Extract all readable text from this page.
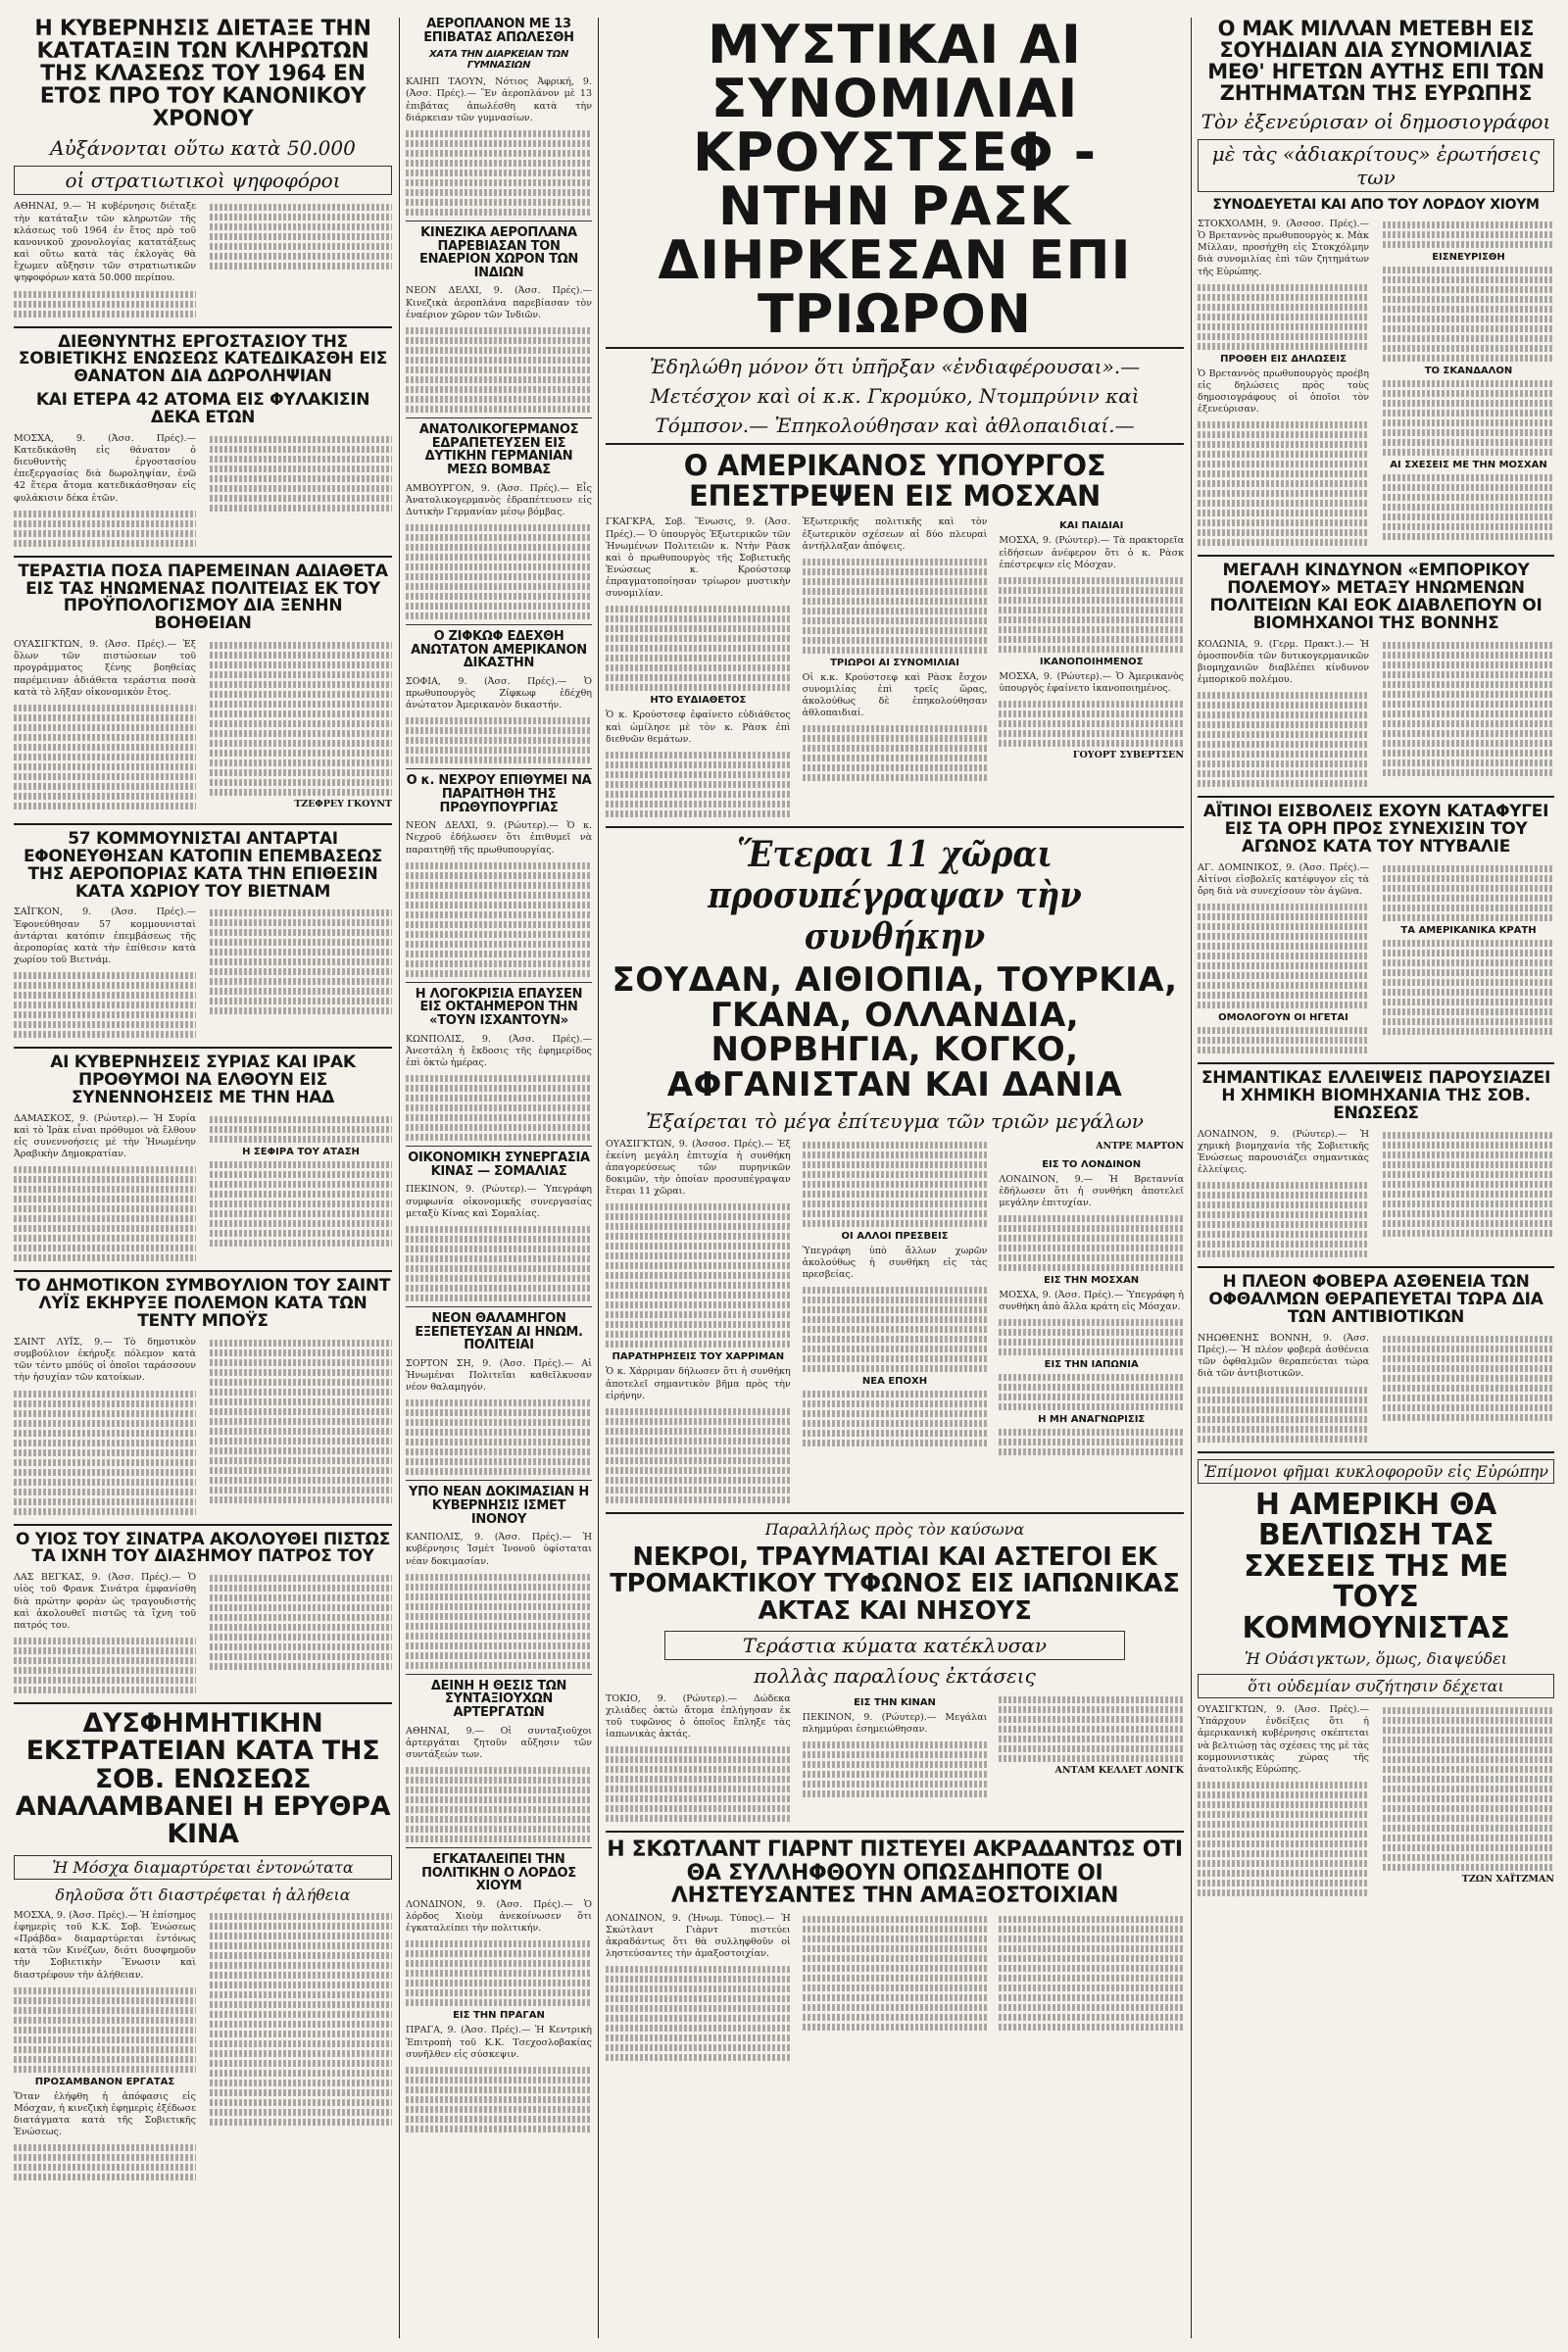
Η ΚΥΒΕΡΝΗΣΙΣ ΔΙΕΤΑΞΕ ΤΗΝ ΚΑΤΑΤΑΞΙΝ ΤΩΝ ΚΛΗΡΩΤΩΝ ΤΗΣ ΚΛΑΣΕΩΣ ΤΟΥ 1964 ΕΝ ΕΤΟΣ ΠΡΟ ΤΟΥ ΚΑΝΟΝΙΚΟΥ ΧΡΟΝΟΥ
Αὐξάνονται οὕτω κατὰ 50.000
οἱ στρατιωτικοὶ ψηφοφόροι

ΑΘΗΝΑΙ, 9.— Ἡ κυβέρνησις διέταξε τὴν κατάταξιν τῶν κληρωτῶν τῆς κλάσεως τοῦ 1964 ἐν ἔτος πρὸ τοῦ κανονικοῦ χρονολογίας κατατάξεως καὶ οὕτω κατὰ τὰς ἐκλογὰς θὰ ἔχωμεν αὔξησιν τῶν στρατιωτικῶν ψηφοφόρων κατὰ 50.000 περίπου.

ΔΙΕΘΝΥΝΤΗΣ ΕΡΓΟΣΤΑΣΙΟΥ ΤΗΣ ΣΟΒΙΕΤΙΚΗΣ ΕΝΩΣΕΩΣ ΚΑΤΕΔΙΚΑΣΘΗ ΕΙΣ ΘΑΝΑΤΟΝ ΔΙΑ ΔΩΡΟΛΗΨΙΑΝ
ΚΑΙ ΕΤΕΡΑ 42 ΑΤΟΜΑ ΕΙΣ ΦΥΛΑΚΙΣΙΝ ΔΕΚΑ ΕΤΩΝ

ΜΟΣΧΑ, 9. (Ἀσσ. Πρές).— Κατεδικάσθη εἰς θάνατον ὁ διευθυντὴς ἐργοστασίου ἐπεξεργασίας διὰ δωροληψίαν, ἐνῶ 42 ἕτερα ἄτομα κατεδικάσθησαν εἰς φυλάκισιν δέκα ἐτῶν.

ΤΕΡΑΣΤΙΑ ΠΟΣΑ ΠΑΡΕΜΕΙΝΑΝ ΑΔΙΑΘΕΤΑ ΕΙΣ ΤΑΣ ΗΝΩΜΕΝΑΣ ΠΟΛΙΤΕΙΑΣ ΕΚ ΤΟΥ ΠΡΟΫΠΟΛΟΓΙΣΜΟΥ ΔΙΑ ΞΕΝΗΝ ΒΟΗΘΕΙΑΝ

ΟΥΑΣΙΓΚΤΩΝ, 9. (Ἀσσ. Πρές).— Ἐξ ὅλων τῶν πιστώσεων τοῦ προγράμματος ξένης βοηθείας παρέμειναν ἀδιάθετα τεράστια ποσὰ κατὰ τὸ λῆξαν οἰκονομικὸν ἔτος.

ΤΖΕΦΡΕΥ ΓΚΟΥΝΤ
57 ΚΟΜΜΟΥΝΙΣΤΑΙ ΑΝΤΑΡΤΑΙ ΕΦΟΝΕΥΘΗΣΑΝ ΚΑΤΟΠΙΝ ΕΠΕΜΒΑΣΕΩΣ ΤΗΣ ΑΕΡΟΠΟΡΙΑΣ ΚΑΤΑ ΤΗΝ ΕΠΙΘΕΣΙΝ ΚΑΤΑ ΧΩΡΙΟΥ ΤΟΥ ΒΙΕΤΝΑΜ

ΣΑΪΓΚΟΝ, 9. (Ἀσσ. Πρές).— Ἐφονεύθησαν 57 κομμουνισταὶ ἀντάρται κατόπιν ἐπεμβάσεως τῆς ἀεροπορίας κατὰ τὴν ἐπίθεσιν κατὰ χωρίου τοῦ Βιετνάμ.

ΑΙ ΚΥΒΕΡΝΗΣΕΙΣ ΣΥΡΙΑΣ ΚΑΙ ΙΡΑΚ ΠΡΟΘΥΜΟΙ ΝΑ ΕΛΘΟΥΝ ΕΙΣ ΣΥΝΕΝΝΟΗΣΕΙΣ ΜΕ ΤΗΝ ΗΑΔ

ΔΑΜΑΣΚΟΣ, 9. (Ρώυτερ).— Ἡ Συρία καὶ τὸ Ἰρὰκ εἶναι πρόθυμοι νὰ ἔλθουν εἰς συνεννοήσεις μὲ τὴν Ἡνωμένην Ἀραβικὴν Δημοκρατίαν.	Η ΣΕΦΙΡΑ ΤΟΥ ΑΤΑΣΗ
ΤΟ ΔΗΜΟΤΙΚΟΝ ΣΥΜΒΟΥΛΙΟΝ ΤΟΥ ΣΑΙΝΤ ΛΥΪΣ ΕΚΗΡΥΞΕ ΠΟΛΕΜΟΝ ΚΑΤΑ ΤΩΝ ΤΕΝΤΥ ΜΠΟΫΣ

ΣΑΙΝΤ ΛΥΪΣ, 9.— Τὸ δημοτικὸν συμβούλιον ἐκήρυξε πόλεμον κατὰ τῶν τέντυ μπόϋς οἱ ὁποῖοι ταράσσουν τὴν ἡσυχίαν τῶν κατοίκων.

Ο ΥΙΟΣ ΤΟΥ ΣΙΝΑΤΡΑ ΑΚΟΛΟΥΘΕΙ ΠΙΣΤΩΣ ΤΑ ΙΧΝΗ ΤΟΥ ΔΙΑΣΗΜΟΥ ΠΑΤΡΟΣ ΤΟΥ

ΛΑΣ ΒΕΓΚΑΣ, 9. (Ἀσσ. Πρές).— Ὁ υἱὸς τοῦ Φρανκ Σινάτρα ἐμφανίσθη διὰ πρώτην φορὰν ὡς τραγουδιστὴς καὶ ἀκολουθεῖ πιστῶς τὰ ἴχνη τοῦ πατρός του.

ΔΥΣΦΗΜΗΤΙΚΗΝ ΕΚΣΤΡΑΤΕΙΑΝ ΚΑΤΑ ΤΗΣ ΣΟΒ. ΕΝΩΣΕΩΣ ΑΝΑΛΑΜΒΑΝΕΙ Η ΕΡΥΘΡΑ ΚΙΝΑ
Ἡ Μόσχα διαμαρτύρεται ἐντονώτατα
δηλοῦσα ὅτι διαστρέφεται ἡ ἀλήθεια

ΜΟΣΧΑ, 9. (Ἀσσ. Πρές).— Ἡ ἐπίσημος ἐφημερὶς τοῦ Κ.Κ. Σοβ. Ἐνώσεως «Πράβδα» διαμαρτύρεται ἐντόνως κατὰ τῶν Κινέζων, διότι δυσφημοῦν τὴν Σοβιετικὴν Ἕνωσιν καὶ διαστρέφουν τὴν ἀλήθειαν.

ΠΡΟΣΑΜΒΑΝΟΝ ΕΡΓΑΤΑΣ

Ὅταν ἐλήφθη ἡ ἀπόφασις εἰς Μόσχαν, ἡ κινεζικὴ ἐφημερὶς ἐξέδωσε διατάγματα κατὰ τῆς Σοβιετικῆς Ἑνώσεως.

ΑΕΡΟΠΛΑΝΟΝ ΜΕ 13 ΕΠΙΒΑΤΑΣ ΑΠΩΛΕΣΘΗ
ΧΑΤΑ ΤΗΝ ΔΙΑΡΚΕΙΑΝ ΤΩΝ ΓΥΜΝΑΣΙΩΝ

ΚΑΙΗΠ ΤΑΟΥΝ, Νότιος Ἀφρική, 9. (Ἀσσ. Πρές).— Ἓν ἀεροπλάνον μὲ 13 ἐπιβάτας ἀπωλέσθη κατὰ τὴν διάρκειαν τῶν γυμνασίων.

ΚΙΝΕΖΙΚΑ ΑΕΡΟΠΛΑΝΑ ΠΑΡΕΒΙΑΣΑΝ ΤΟΝ ΕΝΑΕΡΙΟΝ ΧΩΡΟΝ ΤΩΝ ΙΝΔΙΩΝ

ΝΕΟΝ ΔΕΛΧΙ, 9. (Ἀσσ. Πρές).— Κινεζικὰ ἀεροπλάνα παρεβίασαν τὸν ἐναέριον χῶρον τῶν Ἰνδιῶν.

ΑΝΑΤΟΛΙΚΟΓΕΡΜΑΝΟΣ ΕΔΡΑΠΕΤΕΥΣΕΝ ΕΙΣ ΔΥΤΙΚΗΝ ΓΕΡΜΑΝΙΑΝ ΜΕΣΩ ΒΟΜΒΑΣ

ΑΜΒΟΥΡΓΟΝ, 9. (Ἀσσ. Πρές).— Εἷς Ἀνατολικογερμανὸς ἐδραπέτευσεν εἰς Δυτικὴν Γερμανίαν μέσῳ βόμβας.

Ο ΖΙΦΚΩΦ ΕΔΕΧΘΗ ΑΝΩΤΑΤΟΝ ΑΜΕΡΙΚΑΝΟΝ ΔΙΚΑΣΤΗΝ

ΣΟΦΙΑ, 9. (Ἀσσ. Πρές).— Ὁ πρωθυπουργὸς Ζίφκωφ ἐδέχθη ἀνώτατον Ἀμερικανὸν δικαστήν.

Ο κ. ΝΕΧΡΟΥ ΕΠΙΘΥΜΕΙ ΝΑ ΠΑΡΑΙΤΗΘΗ ΤΗΣ ΠΡΩΘΥΠΟΥΡΓΙΑΣ

ΝΕΟΝ ΔΕΛΧΙ, 9. (Ρώυτερ).— Ὁ κ. Νεχροῦ ἐδήλωσεν ὅτι ἐπιθυμεῖ νὰ παραιτηθῇ τῆς πρωθυπουργίας.

Η ΛΟΓΟΚΡΙΣΙΑ ΕΠΑΥΣΕΝ ΕΙΣ ΟΚΤΑΗΜΕΡΟΝ ΤΗΝ «ΤΟΥΝ ΙΣΧΑΝΤΟΥΝ»

ΚΩΝΠΟΛΙΣ, 9. (Ἀσσ. Πρές).— Ἀνεστάλη ἡ ἔκδοσις τῆς ἐφημερίδος ἐπὶ ὀκτὼ ἡμέρας.

ΟΙΚΟΝΟΜΙΚΗ ΣΥΝΕΡΓΑΣΙΑ ΚΙΝΑΣ — ΣΟΜΑΛΙΑΣ

ΠΕΚΙΝΟΝ, 9. (Ρώυτερ).— Ὑπεγράφη συμφωνία οἰκονομικῆς συνεργασίας μεταξὺ Κίνας καὶ Σομαλίας.

ΝΕΟΝ ΘΑΛΑΜΗΓΟΝ ΕΞΕΠΕΤΕΥΣΑΝ ΑΙ ΗΝΩΜ. ΠΟΛΙΤΕΙΑΙ

ΣΟΡΤΟΝ ΣΗ, 9. (Ἀσσ. Πρές).— Αἱ Ἡνωμέναι Πολιτεῖαι καθεῖλκυσαν νέον θαλαμηγόν.

ΥΠΟ ΝΕΑΝ ΔΟΚΙΜΑΣΙΑΝ Η ΚΥΒΕΡΝΗΣΙΣ ΙΣΜΕΤ ΙΝΟΝΟΥ

ΚΑΝΠΟΛΙΣ, 9. (Ἀσσ. Πρές).— Ἡ κυβέρνησις Ἰσμὲτ Ἰνονοῦ ὑφίσταται νέαν δοκιμασίαν.

ΔΕΙΝΗ Η ΘΕΣΙΣ ΤΩΝ ΣΥΝΤΑΞΙΟΥΧΩΝ ΑΡΤΕΡΓΑΤΩΝ

ΑΘΗΝΑΙ, 9.— Οἱ συνταξιοῦχοι ἀρτεργάται ζητοῦν αὔξησιν τῶν συντάξεών των.

ΕΓΚΑΤΑΛΕΙΠΕΙ ΤΗΝ ΠΟΛΙΤΙΚΗΝ Ο ΛΟΡΔΟΣ ΧΙΟΥΜ

ΛΟΝΔΙΝΟΝ, 9. (Ἀσσ. Πρές).— Ὁ λόρδος Χιοὺμ ἀνεκοίνωσεν ὅτι ἐγκαταλείπει τὴν πολιτικήν.

ΕΙΣ ΤΗΝ ΠΡΑΓΑΝ

ΠΡΑΓΑ, 9. (Ἀσσ. Πρές).— Ἡ Κεντρικὴ Ἐπιτροπὴ τοῦ Κ.Κ. Τσεχοσλοβακίας συνῆλθεν εἰς σύσκεψιν.

ΜΥΣΤΙΚΑΙ ΑΙ ΣΥΝΟΜΙΛΙΑΙ ΚΡΟΥΣΤΣΕΦ - ΝΤΗΝ ΡΑΣΚ ΔΙΗΡΚΕΣΑΝ ΕΠΙ ΤΡΙΩΡΟΝ
Ἐδηλώθη μόνον ὅτι ὑπῆρξαν «ἐνδιαφέρουσαι».—
Μετέσχον καὶ οἱ κ.κ. Γκρομύκο, Ντομπρύνιν καὶ
Τόμπσον.— Ἐπηκολούθησαν καὶ ἀθλοπαιδιαί.—
Ο ΑΜΕΡΙΚΑΝΟΣ ΥΠΟΥΡΓΟΣ ΕΠΕΣΤΡΕΨΕΝ ΕΙΣ ΜΟΣΧΑΝ

ΓΚΑΓΚΡΑ, Σοβ. Ἕνωσις, 9. (Ἀσσ. Πρές).— Ὁ ὑπουργὸς Ἐξωτερικῶν τῶν Ἡνωμένων Πολιτειῶν κ. Ντὴν Ρὰσκ καὶ ὁ πρωθυπουργὸς τῆς Σοβιετικῆς Ἑνώσεως κ. Κρούστσεφ ἐπραγματοποίησαν τρίωρον μυστικὴν συνομιλίαν.

ΗΤΟ ΕΥΔΙΑΘΕΤΟΣ

Ὁ κ. Κρούστσεφ ἐφαίνετο εὐδιάθετος καὶ ὡμίλησε μὲ τὸν κ. Ρὰσκ ἐπὶ διεθνῶν θεμάτων.

Ἐξωτερικῆς πολιτικῆς καὶ τὸν ἐξωτερικὸν σχέσεων αἱ δύο πλευραὶ ἀντήλλαξαν ἀπόψεις.

ΤΡΙΩΡΟΙ ΑΙ ΣΥΝΟΜΙΛΙΑΙ

Οἱ κ.κ. Κρούστσεφ καὶ Ρὰσκ ἔσχον συνομιλίας ἐπὶ τρεῖς ὥρας, ἀκολούθως δὲ ἐπηκολούθησαν ἀθλοπαιδιαί.

ΚΑΙ ΠΑΙΔΙΑΙ

ΜΟΣΧΑ, 9. (Ρώυτερ).— Τὰ πρακτορεῖα εἰδήσεων ἀνέφερον ὅτι ὁ κ. Ρὰσκ ἐπέστρεψεν εἰς Μόσχαν.

ΙΚΑΝΟΠΟΙΗΜΕΝΟΣ

ΜΟΣΧΑ, 9. (Ρώυτερ).— Ὁ Ἀμερικανὸς ὑπουργὸς ἐφαίνετο ἱκανοποιημένος.

ΓΟΥΟΡΤ ΣΥΒΕΡΤΣΕΝ
Ἕτεραι 11 χῶραι προσυπέγραψαν τὴν συνθήκην
ΣΟΥΔΑΝ, ΑΙΘΙΟΠΙΑ, ΤΟΥΡΚΙΑ, ΓΚΑΝΑ, ΟΛΛΑΝΔΙΑ, ΝΟΡΒΗΓΙΑ, ΚΟΓΚΟ, ΑΦΓΑΝΙΣΤΑΝ ΚΑΙ ΔΑΝΙΑ
Ἐξαίρεται τὸ μέγα ἐπίτευγμα τῶν τριῶν μεγάλων

ΟΥΑΣΙΓΚΤΩΝ, 9. (Ἀσσοσ. Πρές).— Ἐξ ἐκείνη μεγάλη ἐπιτυχία ἡ συνθήκη ἀπαγορεύσεως τῶν πυρηνικῶν δοκιμῶν, τὴν ὁποίαν προσυπέγραψαν ἕτεραι 11 χῶραι.

ΠΑΡΑΤΗΡΗΣΕΙΣ ΤΟΥ ΧΑΡΡΙΜΑΝ

Ὁ κ. Χάρριμαν δήλωσεν ὅτι ἡ συνθήκη ἀποτελεῖ σημαντικὸν βῆμα πρὸς τὴν εἰρήνην.

ΟΙ ΑΛΛΟΙ ΠΡΕΣΒΕΙΣ

Ὑπεγράφη ὑπὸ ἄλλων χωρῶν ἀκολούθως ἡ συνθήκη εἰς τὰς πρεσβείας.

ΝΕΑ ΕΠΟΧΗ
ΑΝΤΡΕ ΜΑΡΤΟΝ
ΕΙΣ ΤΟ ΛΟΝΔΙΝΟΝ

ΛΟΝΔΙΝΟΝ, 9.— Ἡ Βρεταννία ἐδήλωσεν ὅτι ἡ συνθήκη ἀποτελεῖ μεγάλην ἐπιτυχίαν.

ΕΙΣ ΤΗΝ ΜΟΣΧΑΝ

ΜΟΣΧΑ, 9. (Ἀσσ. Πρές).— Ὑπεγράφη ἡ συνθήκη ἀπὸ ἄλλα κράτη εἰς Μόσχαν.

ΕΙΣ ΤΗΝ ΙΑΠΩΝΙΑ
Η ΜΗ ΑΝΑΓΝΩΡΙΣΙΣ
Παραλλήλως πρὸς τὸν καύσωνα
ΝΕΚΡΟΙ, ΤΡΑΥΜΑΤΙΑΙ ΚΑΙ ΑΣΤΕΓΟΙ ΕΚ ΤΡΟΜΑΚΤΙΚΟΥ ΤΥΦΩΝΟΣ ΕΙΣ ΙΑΠΩΝΙΚΑΣ ΑΚΤΑΣ ΚΑΙ ΝΗΣΟΥΣ
Τεράστια κύματα κατέκλυσαν
πολλὰς παραλίους ἐκτάσεις

ΤΟΚΙΟ, 9. (Ρώυτερ).— Δώδεκα χιλιάδες ὀκτὼ ἄτομα ἐπλήγησαν ἐκ τοῦ τυφῶνος ὁ ὁποῖος ἔπληξε τὰς ἰαπωνικὰς ἀκτάς.

ΕΙΣ ΤΗΝ ΚΙΝΑΝ

ΠΕΚΙΝΟΝ, 9. (Ρώυτερ).— Μεγάλαι πλημμύραι ἐσημειώθησαν.

ΑΝΤΑΜ ΚΕΛΛΕΤ ΛΟΝΓΚ
Η ΣΚΩΤΛΑΝΤ ΓΙΑΡΝΤ ΠΙΣΤΕΥΕΙ ΑΚΡΑΔΑΝΤΩΣ ΟΤΙ ΘΑ ΣΥΛΛΗΦΘΟΥΝ ΟΠΩΣΔΗΠΟΤΕ ΟΙ ΛΗΣΤΕΥΣΑΝΤΕΣ ΤΗΝ ΑΜΑΞΟΣΤΟΙΧΙΑΝ

ΛΟΝΔΙΝΟΝ, 9. (Ἡνωμ. Τύπος).— Ἡ Σκώτλαντ Γιὰρντ πιστεύει ἀκραδάντως ὅτι θὰ συλληφθοῦν οἱ ληστεύσαντες τὴν ἀμαξοστοιχίαν.

Ο ΜΑΚ ΜΙΛΛΑΝ ΜΕΤΕΒΗ ΕΙΣ ΣΟΥΗΔΙΑΝ ΔΙΑ ΣΥΝΟΜΙΛΙΑΣ ΜΕΘ' ΗΓΕΤΩΝ ΑΥΤΗΣ ΕΠΙ ΤΩΝ ΖΗΤΗΜΑΤΩΝ ΤΗΣ ΕΥΡΩΠΗΣ
Τὸν ἐξενεύρισαν οἱ δημοσιογράφοι
μὲ τὰς «ἀδιακρίτους» ἐρωτήσεις των
ΣΥΝΟΔΕΥΕΤΑΙ ΚΑΙ ΑΠΟ ΤΟΥ ΛΟΡΔΟΥ ΧΙΟΥΜ

ΣΤΟΚΧΟΛΜΗ, 9. (Ἀσσοσ. Πρές).— Ὁ Βρεταννὸς πρωθυπουργὸς κ. Μὰκ Μίλλαν, προσήχθη εἰς Στοκχόλμην διὰ συνομιλίας ἐπὶ τῶν ζητημάτων τῆς Εὐρώπης.

ΠΡΟΘΕΗ ΕΙΣ ΔΗΛΩΣΕΙΣ

Ὁ Βρεταννὸς πρωθυπουργὸς προέβη εἰς δηλώσεις πρὸς τοὺς δημοσιογράφους οἱ ὁποῖοι τὸν ἐξενεύρισαν.

ΕΙΣΝΕΥΡΙΣΘΗ
ΤΟ ΣΚΑΝΔΑΛΟΝ
ΑΙ ΣΧΕΣΕΙΣ ΜΕ ΤΗΝ ΜΟΣΧΑΝ
ΜΕΓΑΛΗ ΚΙΝΔΥΝΟΝ «ΕΜΠΟΡΙΚΟΥ ΠΟΛΕΜΟΥ» ΜΕΤΑΞΥ ΗΝΩΜΕΝΩΝ ΠΟΛΙΤΕΙΩΝ ΚΑΙ ΕΟΚ ΔΙΑΒΛΕΠΟΥΝ ΟΙ ΒΙΟΜΗΧΑΝΟΙ ΤΗΣ ΒΟΝΝΗΣ

ΚΟΛΩΝΙΑ, 9. (Γερμ. Πρακτ.).— Ἡ ὁμοσπονδία τῶν δυτικογερμανικῶν βιομηχανιῶν διαβλέπει κίνδυνον ἐμπορικοῦ πολέμου.

ΑΪΤΙΝΟΙ ΕΙΣΒΟΛΕΙΣ ΕΧΟΥΝ ΚΑΤΑΦΥΓΕΙ ΕΙΣ ΤΑ ΟΡΗ ΠΡΟΣ ΣΥΝΕΧΙΣΙΝ ΤΟΥ ΑΓΩΝΟΣ ΚΑΤΑ ΤΟΥ ΝΤΥΒΑΛΙΕ

ΑΓ. ΔΟΜΙΝΙΚΟΣ, 9. (Ἀσσ. Πρές).— Αἰτίνοι εἰσβολεῖς κατέφυγον εἰς τὰ ὄρη διὰ νὰ συνεχίσουν τὸν ἀγῶνα.

ΟΜΟΛΟΓΟΥΝ ΟΙ ΗΓΕΤΑΙ
ΤΑ ΑΜΕΡΙΚΑΝΙΚΑ ΚΡΑΤΗ
ΣΗΜΑΝΤΙΚΑΣ ΕΛΛΕΙΨΕΙΣ ΠΑΡΟΥΣΙΑΖΕΙ Η ΧΗΜΙΚΗ ΒΙΟΜΗΧΑΝΙΑ ΤΗΣ ΣΟΒ. ΕΝΩΣΕΩΣ

ΛΟΝΔΙΝΟΝ, 9. (Ρώυτερ).— Ἡ χημικὴ βιομηχανία τῆς Σοβιετικῆς Ἑνώσεως παρουσιάζει σημαντικὰς ἐλλείψεις.

Η ΠΛΕΟΝ ΦΟΒΕΡΑ ΑΣΘΕΝΕΙΑ ΤΩΝ ΟΦΘΑΛΜΩΝ ΘΕΡΑΠΕΥΕΤΑΙ ΤΩΡΑ ΔΙΑ ΤΩΝ ΑΝΤΙΒΙΟΤΙΚΩΝ

ΝΗΩΘΕΝΗΣ ΒΟΝΝΗ, 9. (Ἀσσ. Πρές).— Ἡ πλέον φοβερὰ ἀσθένεια τῶν ὀφθαλμῶν θεραπεύεται τώρα διὰ τῶν ἀντιβιοτικῶν.

Ἐπίμονοι φῆμαι κυκλοφοροῦν εἰς Εὐρώπην
Η ΑΜΕΡΙΚΗ ΘΑ ΒΕΛΤΙΩΣΗ ΤΑΣ ΣΧΕΣΕΙΣ ΤΗΣ ΜΕ ΤΟΥΣ ΚΟΜΜΟΥΝΙΣΤΑΣ
Ἡ Οὐάσιγκτων, ὅμως, διαψεύδει
ὅτι οὐδεμίαν συζήτησιν δέχεται

ΟΥΑΣΙΓΚΤΩΝ, 9. (Ἀσσ. Πρές).— Ὑπάρχουν ἐνδείξεις ὅτι ἡ ἀμερικανικὴ κυβέρνησις σκέπτεται νὰ βελτιώσῃ τὰς σχέσεις της μὲ τὰς κομμουνιστικὰς χώρας τῆς ἀνατολικῆς Εὐρώπης.

ΤΖΩΝ ΧΑΪΤΖΜΑΝ
